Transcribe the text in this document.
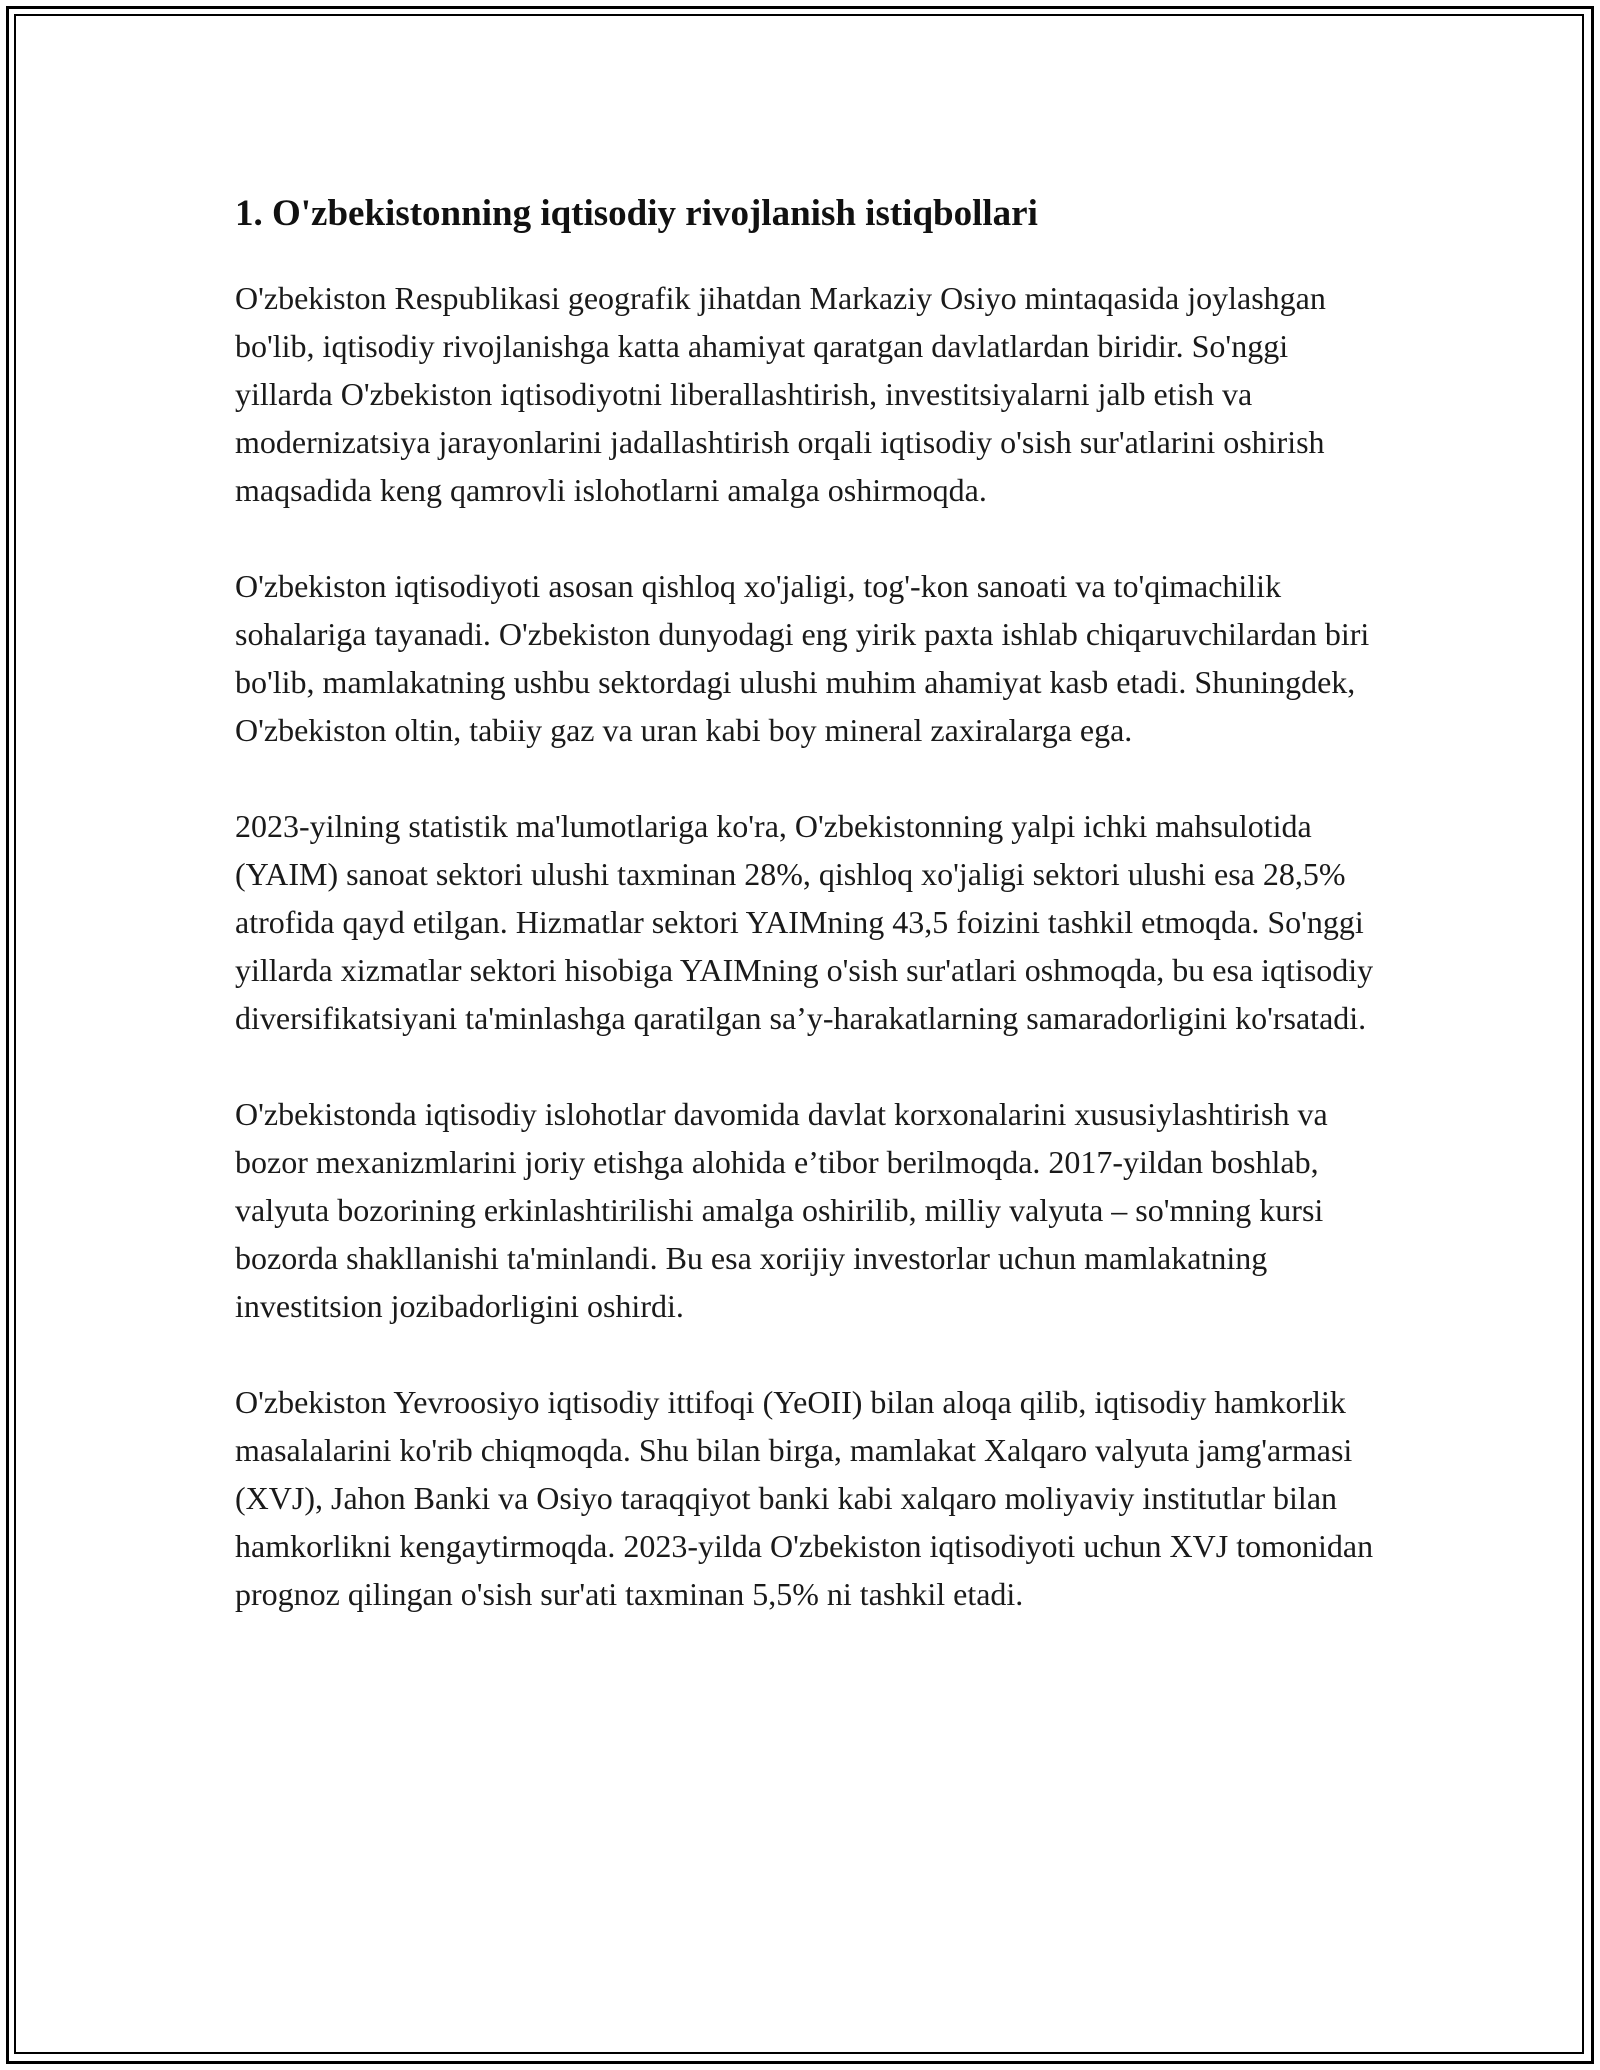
1. O'zbekistonning iqtisodiy rivojlanish istiqbollari

O'zbekiston Respublikasi geografik jihatdan Markaziy Osiyo mintaqasida joylashgan bo'lib, iqtisodiy rivojlanishga katta ahamiyat qaratgan davlatlardan biridir. So'nggi yillarda O'zbekiston iqtisodiyotni liberallashtirish, investitsiyalarni jalb etish va modernizatsiya jarayonlarini jadallashtirish orqali iqtisodiy o'sish sur'atlarini oshirish maqsadida keng qamrovli islohotlarni amalga oshirmoqda.

O'zbekiston iqtisodiyoti asosan qishloq xo'jaligi, tog'-kon sanoati va to'qimachilik sohalariga tayanadi. O'zbekiston dunyodagi eng yirik paxta ishlab chiqaruvchilardan biri bo'lib, mamlakatning ushbu sektordagi ulushi muhim ahamiyat kasb etadi. Shuningdek, O'zbekiston oltin, tabiiy gaz va uran kabi boy mineral zaxiralarga ega.

2023-yilning statistik ma'lumotlariga ko'ra, O'zbekistonning yalpi ichki mahsulotida (YAIM) sanoat sektori ulushi taxminan 28%, qishloq xo'jaligi sektori ulushi esa 28,5% atrofida qayd etilgan. Hizmatlar sektori YAIMning 43,5 foizini tashkil etmoqda. So'nggi yillarda xizmatlar sektori hisobiga YAIMning o'sish sur'atlari oshmoqda, bu esa iqtisodiy diversifikatsiyani ta'minlashga qaratilgan sa’y-harakatlarning samaradorligini ko'rsatadi.

O'zbekistonda iqtisodiy islohotlar davomida davlat korxonalarini xususiylashtirish va bozor mexanizmlarini joriy etishga alohida e’tibor berilmoqda. 2017-yildan boshlab, valyuta bozorining erkinlashtirilishi amalga oshirilib, milliy valyuta – so'mning kursi bozorda shakllanishi ta'minlandi. Bu esa xorijiy investorlar uchun mamlakatning investitsion jozibadorligini oshirdi.

O'zbekiston Yevroosiyo iqtisodiy ittifoqi (YeOII) bilan aloqa qilib, iqtisodiy hamkorlik masalalarini ko'rib chiqmoqda. Shu bilan birga, mamlakat Xalqaro valyuta jamg'armasi (XVJ), Jahon Banki va Osiyo taraqqiyot banki kabi xalqaro moliyaviy institutlar bilan hamkorlikni kengaytirmoqda. 2023-yilda O'zbekiston iqtisodiyoti uchun XVJ tomonidan prognoz qilingan o'sish sur'ati taxminan 5,5% ni tashkil etadi.
